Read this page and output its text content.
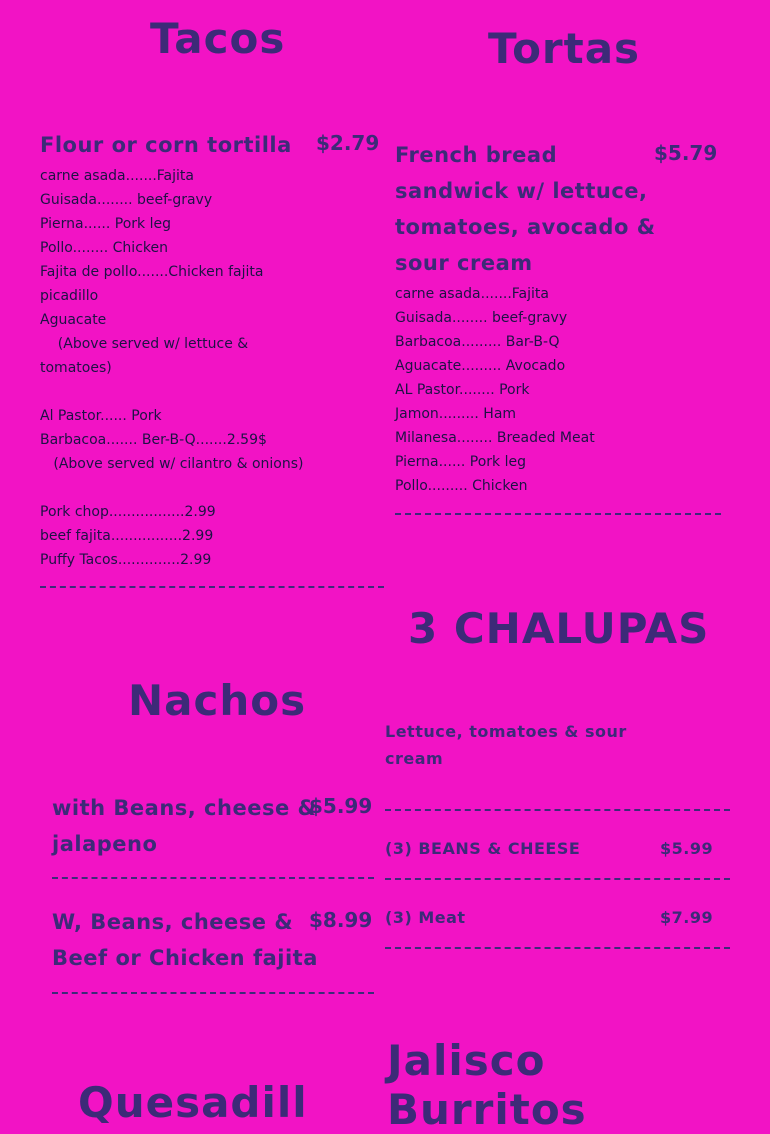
Tacos
Flour or corn tortilla $2.79
carne asada.......Fajita
Guisada........ beef-gravy
Pierna...... Pork leg
Pollo........ Chicken
Fajita de pollo.......Chicken fajita
picadillo
Aguacate
(Above served w/ lettuce &
tomatoes)
Al Pastor...... Pork
Barbacoa....... Ber-B-Q.......2.59$
(Above served w/ cilantro & onions)
Pork chop.................2.99
beef fajita................2.99
Puffy Tacos..............2.99
Tortas
French bread
sandwick w/ lettuce,
tomatoes, avocado &
sour cream
$5.79
carne asada.......Fajita
Guisada........ beef-gravy
Barbacoa......... Bar-B-Q
Aguacate......... Avocado
AL Pastor........ Pork
Jamon......... Ham
Milanesa........ Breaded Meat
Pierna...... Pork leg
Pollo......... Chicken
3 CHALUPAS
Lettuce, tomatoes & sour
cream
(3) BEANS & CHEESE	$5.99
(3) Meat	$7.99
Nachos
with Beans, cheese &
jalapeno
$5.99
W, Beans, cheese &
Beef or Chicken fajita
$8.99
Quesadill
Jalisco Burritos
